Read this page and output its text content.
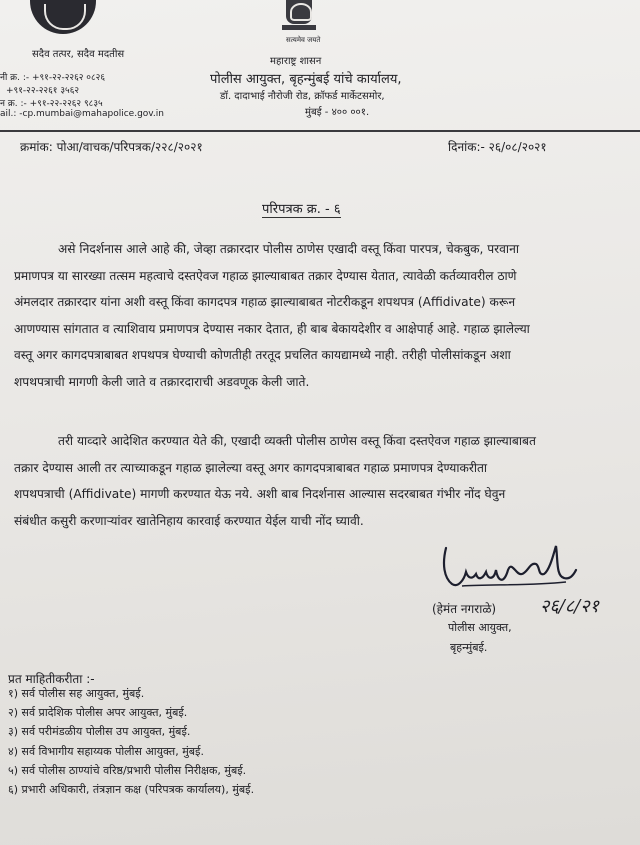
सदैव तत्पर, सदैव मदतीस
सत्यमेव जयते
नी क्र. :- +९१-२२-२२६२ ०८२६
+९१-२२-२२६१ ३५६२
न क्र. :- +९१-२२-२२६२ ९८३५
ail.: -cp.mumbai@mahapolice.gov.in
महाराष्ट्र शासन
पोलीस आयुक्त, बृहन्मुंबई यांचे कार्यालय,
डॉ. दादाभाई नौरोजी रोड, क्रॉफर्ड मार्केटसमोर,
मुंबई - ४०० ००१.
क्रमांक: पोआ/वाचक/परिपत्रक/२२८/२०२१	दिनांक:- २६/०८/२०२१
परिपत्रक क्र. - ६
असे निदर्शनास आले आहे की, जेव्हा तक्रारदार पोलीस ठाणेस एखादी वस्तू किंवा पारपत्र, चेकबुक, परवाना
प्रमाणपत्र या सारख्या तत्सम महत्वाचे दस्तऐवज गहाळ झाल्याबाबत तक्रार देण्यास येतात, त्यावेळी कर्तव्यावरील ठाणे
अंमलदार तक्रारदार यांना अशी वस्तू किंवा कागदपत्र गहाळ झाल्याबाबत नोटरीकडून शपथपत्र (Affidivate) करून
आणण्यास सांगतात व त्याशिवाय प्रमाणपत्र देण्यास नकार देतात, ही बाब बेकायदेशीर व आक्षेपार्ह आहे. गहाळ झालेल्या
वस्तू अगर कागदपत्राबाबत शपथपत्र घेण्याची कोणतीही तरतूद प्रचलित कायद्यामध्ये नाही. तरीही पोलीसांकडून अशा
शपथपत्राची मागणी केली जाते व तक्रारदाराची अडवणूक केली जाते.
तरी याव्दारे आदेशित करण्यात येते की, एखादी व्यक्ती पोलीस ठाणेस वस्तू किंवा दस्तऐवज गहाळ झाल्याबाबत
तक्रार देण्यास आली तर त्याच्याकडून गहाळ झालेल्या वस्तू अगर कागदपत्राबाबत गहाळ प्रमाणपत्र देण्याकरीता
शपथपत्राची (Affidivate) मागणी करण्यात येऊ नये. अशी बाब निदर्शनास आल्यास सदरबाबत गंभीर नोंद घेवुन
संबंधीत कसुरी करणाऱ्यांवर खातेनिहाय कारवाई करण्यात येईल याची नोंद घ्यावी.
(हेमंत नगराळे) २६/८/२१
पोलीस आयुक्त,
बृहन्मुंबई.
प्रत माहितीकरीता :-
१) सर्व पोलीस सह आयुक्त, मुंबई.
२) सर्व प्रादेशिक पोलीस अपर आयुक्त, मुंबई.
३) सर्व परीमंडळीय पोलीस उप आयुक्त, मुंबई.
४) सर्व विभागीय सहाय्यक पोलीस आयुक्त, मुंबई.
५) सर्व पोलीस ठाण्यांचे वरिष्ठ/प्रभारी पोलीस निरीक्षक, मुंबई.
६) प्रभारी अधिकारी, तंत्रज्ञान कक्ष (परिपत्रक कार्यालय), मुंबई.
